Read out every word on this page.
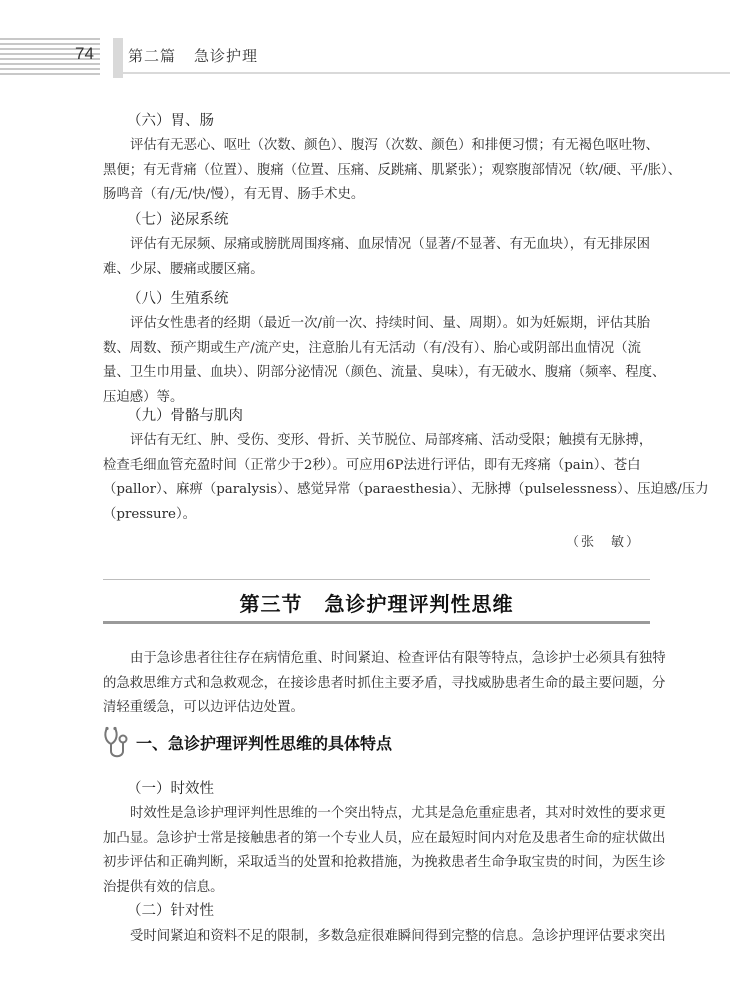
74 第二篇 急诊护理
（六）胃、肠
评估有无恶心、呕吐（次数、颜色）、腹泻（次数、颜色）和排便习惯；有无褐色呕吐物、
黑便；有无背痛（位置）、腹痛（位置、压痛、反跳痛、肌紧张）；观察腹部情况（软/硬、平/胀）、
肠鸣音（有/无/快/慢），有无胃、肠手术史。
（七）泌尿系统
评估有无尿频、尿痛或膀胱周围疼痛、血尿情况（显著/不显著、有无血块），有无排尿困
难、少尿、腰痛或腰区痛。
（八）生殖系统
评估女性患者的经期（最近一次/前一次、持续时间、量、周期）。如为妊娠期，评估其胎
数、周数、预产期或生产/流产史，注意胎儿有无活动（有/没有）、胎心或阴部出血情况（流
量、卫生巾用量、血块）、阴部分泌情况（颜色、流量、臭味），有无破水、腹痛（频率、程度、
压迫感）等。
（九）骨骼与肌肉
评估有无红、肿、受伤、变形、骨折、关节脱位、局部疼痛、活动受限；触摸有无脉搏，
检查毛细血管充盈时间（正常少于2秒）。可应用6P法进行评估，即有无疼痛（pain）、苍白
（pallor）、麻痹（paralysis）、感觉异常（paraesthesia）、无脉搏（pulselessness）、压迫感/压力
（pressure）。
（张　敏）
第三节 急诊护理评判性思维
由于急诊患者往往存在病情危重、时间紧迫、检查评估有限等特点，急诊护士必须具有独特
的急救思维方式和急救观念，在接诊患者时抓住主要矛盾，寻找威胁患者生命的最主要问题，分
清轻重缓急，可以边评估边处置。
一、急诊护理评判性思维的具体特点
（一）时效性
时效性是急诊护理评判性思维的一个突出特点，尤其是急危重症患者，其对时效性的要求更
加凸显。急诊护士常是接触患者的第一个专业人员，应在最短时间内对危及患者生命的症状做出
初步评估和正确判断，采取适当的处置和抢救措施，为挽救患者生命争取宝贵的时间，为医生诊
治提供有效的信息。
（二）针对性
受时间紧迫和资料不足的限制，多数急症很难瞬间得到完整的信息。急诊护理评估要求突出
